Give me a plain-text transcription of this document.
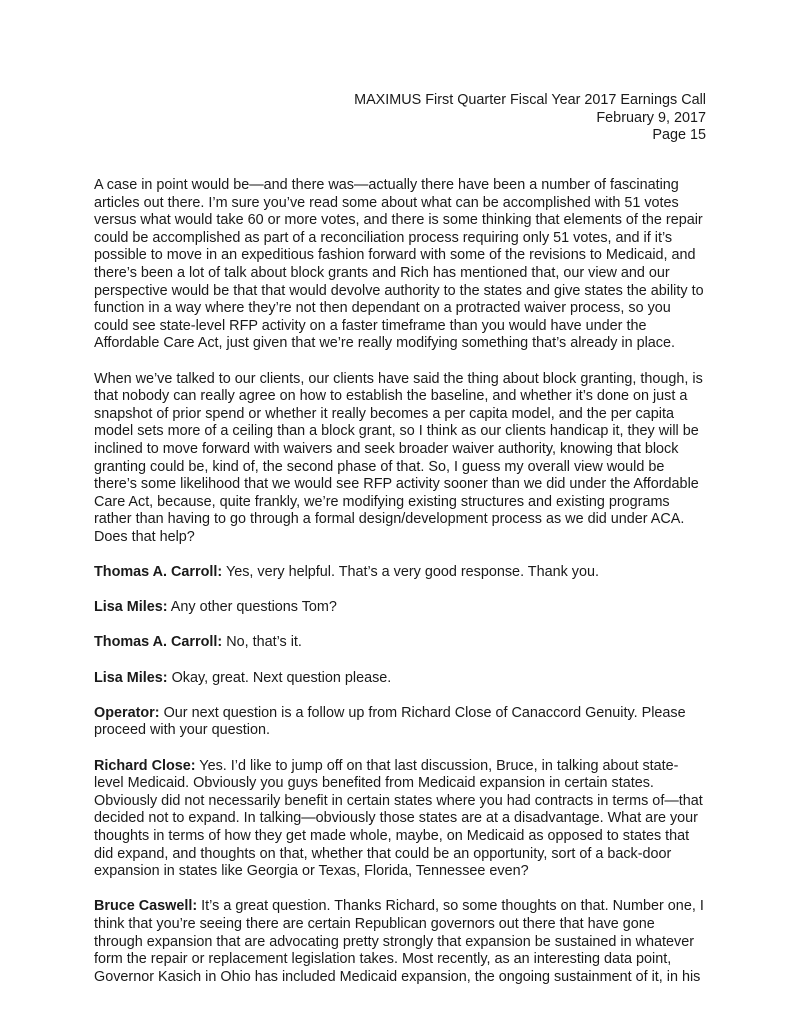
MAXIMUS First Quarter Fiscal Year 2017 Earnings Call
February 9, 2017
Page 15
A case in point would be—and there was—actually there have been a number of fascinating
articles out there. I’m sure you’ve read some about what can be accomplished with 51 votes
versus what would take 60 or more votes, and there is some thinking that elements of the repair
could be accomplished as part of a reconciliation process requiring only 51 votes, and if it’s
possible to move in an expeditious fashion forward with some of the revisions to Medicaid, and
there’s been a lot of talk about block grants and Rich has mentioned that, our view and our
perspective would be that that would devolve authority to the states and give states the ability to
function in a way where they’re not then dependant on a protracted waiver process, so you
could see state-level RFP activity on a faster timeframe than you would have under the
Affordable Care Act, just given that we’re really modifying something that’s already in place.
When we’ve talked to our clients, our clients have said the thing about block granting, though, is
that nobody can really agree on how to establish the baseline, and whether it’s done on just a
snapshot of prior spend or whether it really becomes a per capita model, and the per capita
model sets more of a ceiling than a block grant, so I think as our clients handicap it, they will be
inclined to move forward with waivers and seek broader waiver authority, knowing that block
granting could be, kind of, the second phase of that. So, I guess my overall view would be
there’s some likelihood that we would see RFP activity sooner than we did under the Affordable
Care Act, because, quite frankly, we’re modifying existing structures and existing programs
rather than having to go through a formal design/development process as we did under ACA.
Does that help?
Thomas A. Carroll: Yes, very helpful. That’s a very good response. Thank you.
Lisa Miles: Any other questions Tom?
Thomas A. Carroll: No, that’s it.
Lisa Miles: Okay, great. Next question please.
Operator: Our next question is a follow up from Richard Close of Canaccord Genuity. Please
proceed with your question.
Richard Close: Yes. I’d like to jump off on that last discussion, Bruce, in talking about state-
level Medicaid. Obviously you guys benefited from Medicaid expansion in certain states.
Obviously did not necessarily benefit in certain states where you had contracts in terms of—that
decided not to expand. In talking—obviously those states are at a disadvantage. What are your
thoughts in terms of how they get made whole, maybe, on Medicaid as opposed to states that
did expand, and thoughts on that, whether that could be an opportunity, sort of a back-door
expansion in states like Georgia or Texas, Florida, Tennessee even?
Bruce Caswell: It’s a great question. Thanks Richard, so some thoughts on that. Number one, I
think that you’re seeing there are certain Republican governors out there that have gone
through expansion that are advocating pretty strongly that expansion be sustained in whatever
form the repair or replacement legislation takes. Most recently, as an interesting data point,
Governor Kasich in Ohio has included Medicaid expansion, the ongoing sustainment of it, in his
